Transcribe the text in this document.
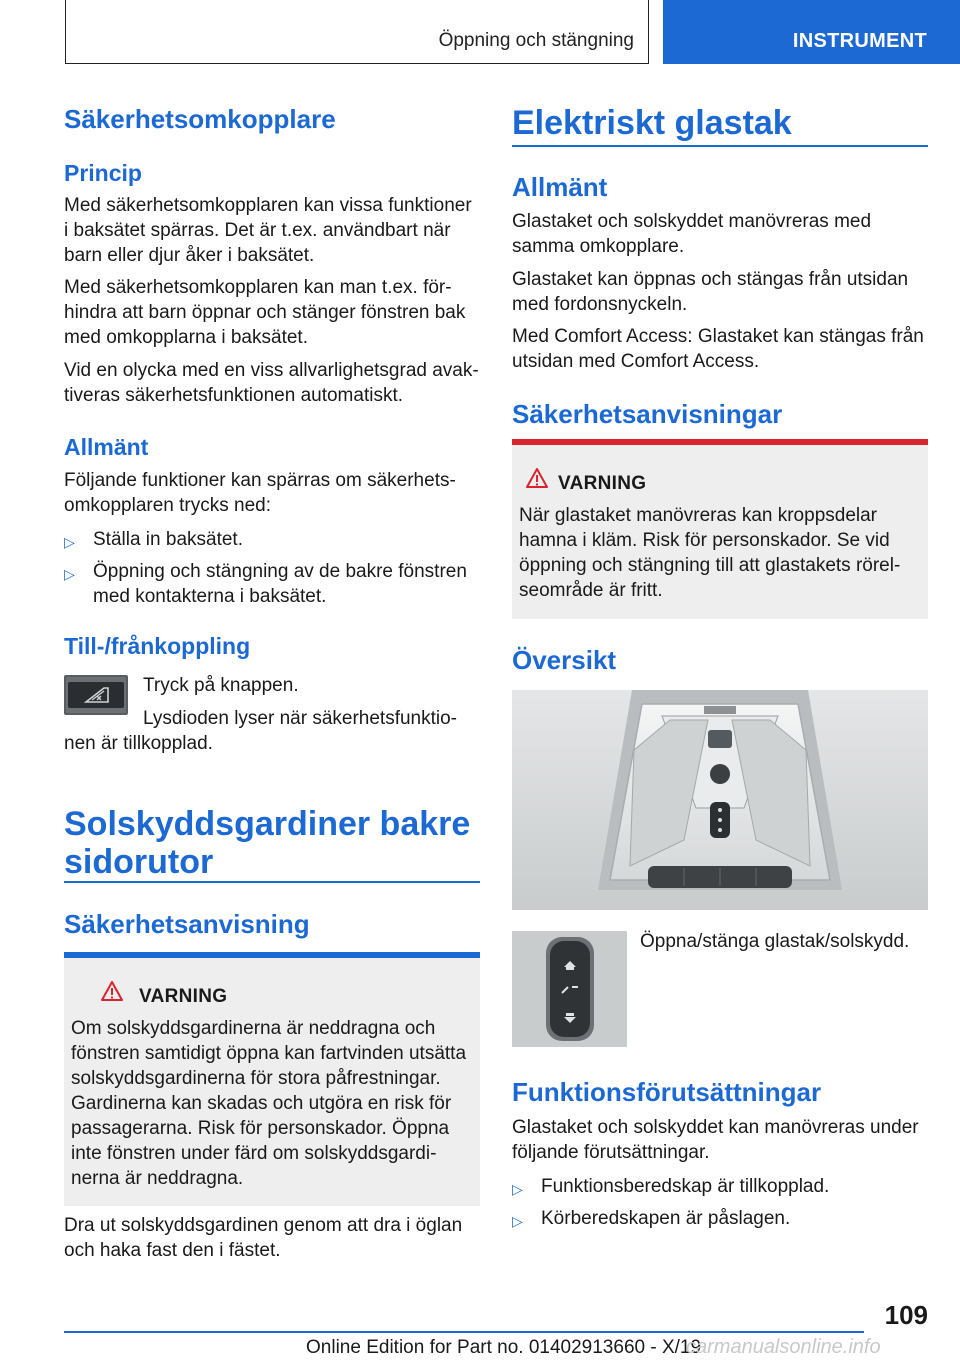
Öppning och stängning	INSTRUMENT
Säkerhetsomkopplare
Princip
Med säkerhetsomkopplaren kan vissa funktioner
i baksätet spärras. Det är t.ex. användbart när
barn eller djur åker i baksätet.
Med säkerhetsomkopplaren kan man t.ex. för-
hindra att barn öppnar och stänger fönstren bak
med omkopplarna i baksätet.
Vid en olycka med en viss allvarlighetsgrad avak-
tiveras säkerhetsfunktionen automatiskt.
Allmänt
Följande funktioner kan spärras om säkerhets-
omkopplaren trycks ned:
▷ Ställa in baksätet.
▷ Öppning och stängning av de bakre fönstren
med kontakterna i baksätet.
Till-/frånkoppling
Tryck på knappen.
Lysdioden lyser när säkerhetsfunktio-
nen är tillkopplad.
Solskyddsgardiner bakre
sidorutor
Säkerhetsanvisning
VARNING
Om solskyddsgardinerna är neddragna och
fönstren samtidigt öppna kan fartvinden utsätta
solskyddsgardinerna för stora påfrestningar.
Gardinerna kan skadas och utgöra en risk för
passagerarna. Risk för personskador. Öppna
inte fönstren under färd om solskyddsgardi-
nerna är neddragna.
Dra ut solskyddsgardinen genom att dra i öglan
och haka fast den i fästet.
Elektriskt glastak
Allmänt
Glastaket och solskyddet manövreras med
samma omkopplare.
Glastaket kan öppnas och stängas från utsidan
med fordonsnyckeln.
Med Comfort Access: Glastaket kan stängas från
utsidan med Comfort Access.
Säkerhetsanvisningar
VARNING
När glastaket manövreras kan kroppsdelar
hamna i kläm. Risk för personskador. Se vid
öppning och stängning till att glastakets rörel-
seområde är fritt.
Översikt
Öppna/stänga glastak/solskydd.
Funktionsförutsättningar
Glastaket och solskyddet kan manövreras under
följande förutsättningar.
▷ Funktionsberedskap är tillkopplad.
▷ Körberedskapen är påslagen.
109
Online Edition for Part no. 01402913660 - X/19
carmanualsonline.info
